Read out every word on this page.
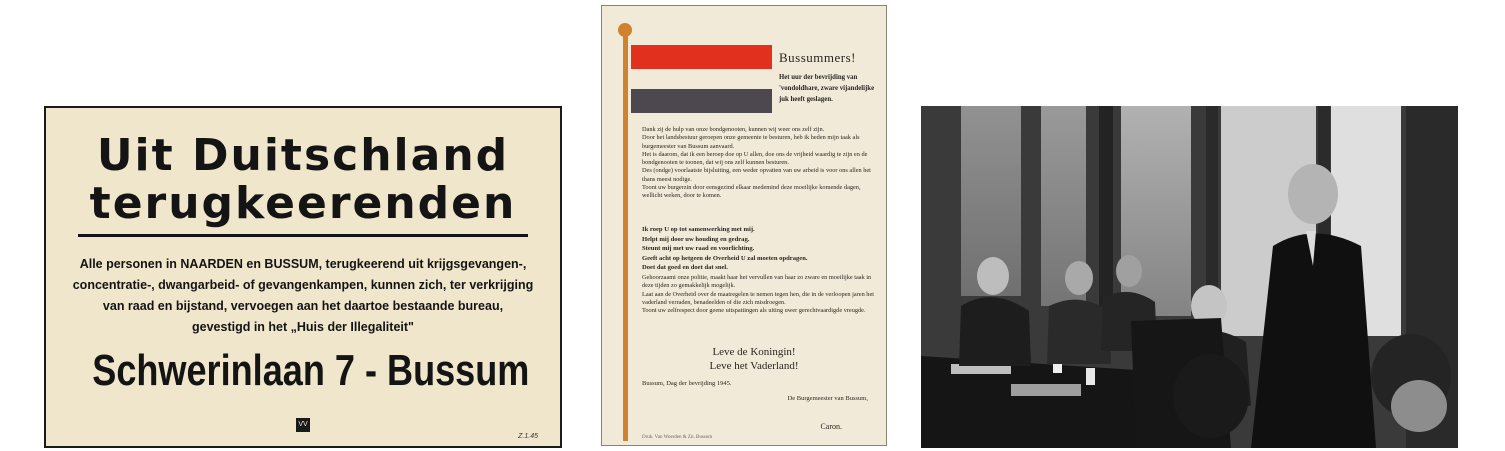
Uit Duitschland
terugkeerenden
Alle personen in NAARDEN en BUSSUM, terugkeerend uit krijgsgevangen-,
concentratie-, dwangarbeid- of gevangenkampen, kunnen zich, ter verkrijging
van raad en bijstand, vervoegen aan het daartoe bestaande bureau,
gevestigd in het „Huis der Illegaliteit"
Schwerinlaan 7 - Bussum
VV
Z.1.45
Bussummers!
Het uur der bevrijding van 'vondoldhare, zware vijandelijke juk heeft geslagen.
Dank zij de hulp van onze bondgenooten, kunnen wij weer ons zelf zijn.
Door het landsbestuur geroepen onze gemeente te besturen, heb ik heden mijn taak als burgemeester van Bussum aanvaard.
Het is daarom, dat ik een beroep doe op U allen, doe ons de vrijheid waardig te zijn en de bondgenooten te toonen, dat wij ons zelf kunnen besturen.
Des (ondge) voorlaatste bijsluiting, een weder opvatten van uw arbeid is voor ons allen het thans meest nodige.
Toont uw burgerzin door eensgezind elkaar medemind deze moeilijke komende dagen, wellicht weken, door te komen.
Ik roep U op tot samenwerking met mij.
Helpt mij door uw houding en gedrag.
Steunt mij met uw raad en voorlichting.
Geeft acht op hetgeen de Overheid U zal moeten opdragen.
Doet dat goed en doet dat snel.
Gehoorzaamt onze politie, maakt haar het vervullen van haar zo zware en moeilijke taak in deze tijden zo gemakkelijk mogelijk.
Laat aan de Overheid over de maatregelen te nemen tegen hen, die in de verloopen jaren het vaderland verraden, benadeelden of die zich misdroegen.
Toont uw zelfrespect door geene uitspattingen als uiting uwer gerechtvaardigde vreugde.
Leve de Koningin!
Leve het Vaderland!
Bussum, Dag der bevrijding 1945.
De Burgemeester van Bussum,
Caron.
Druk. Van Woerden & Zn. Bussum
